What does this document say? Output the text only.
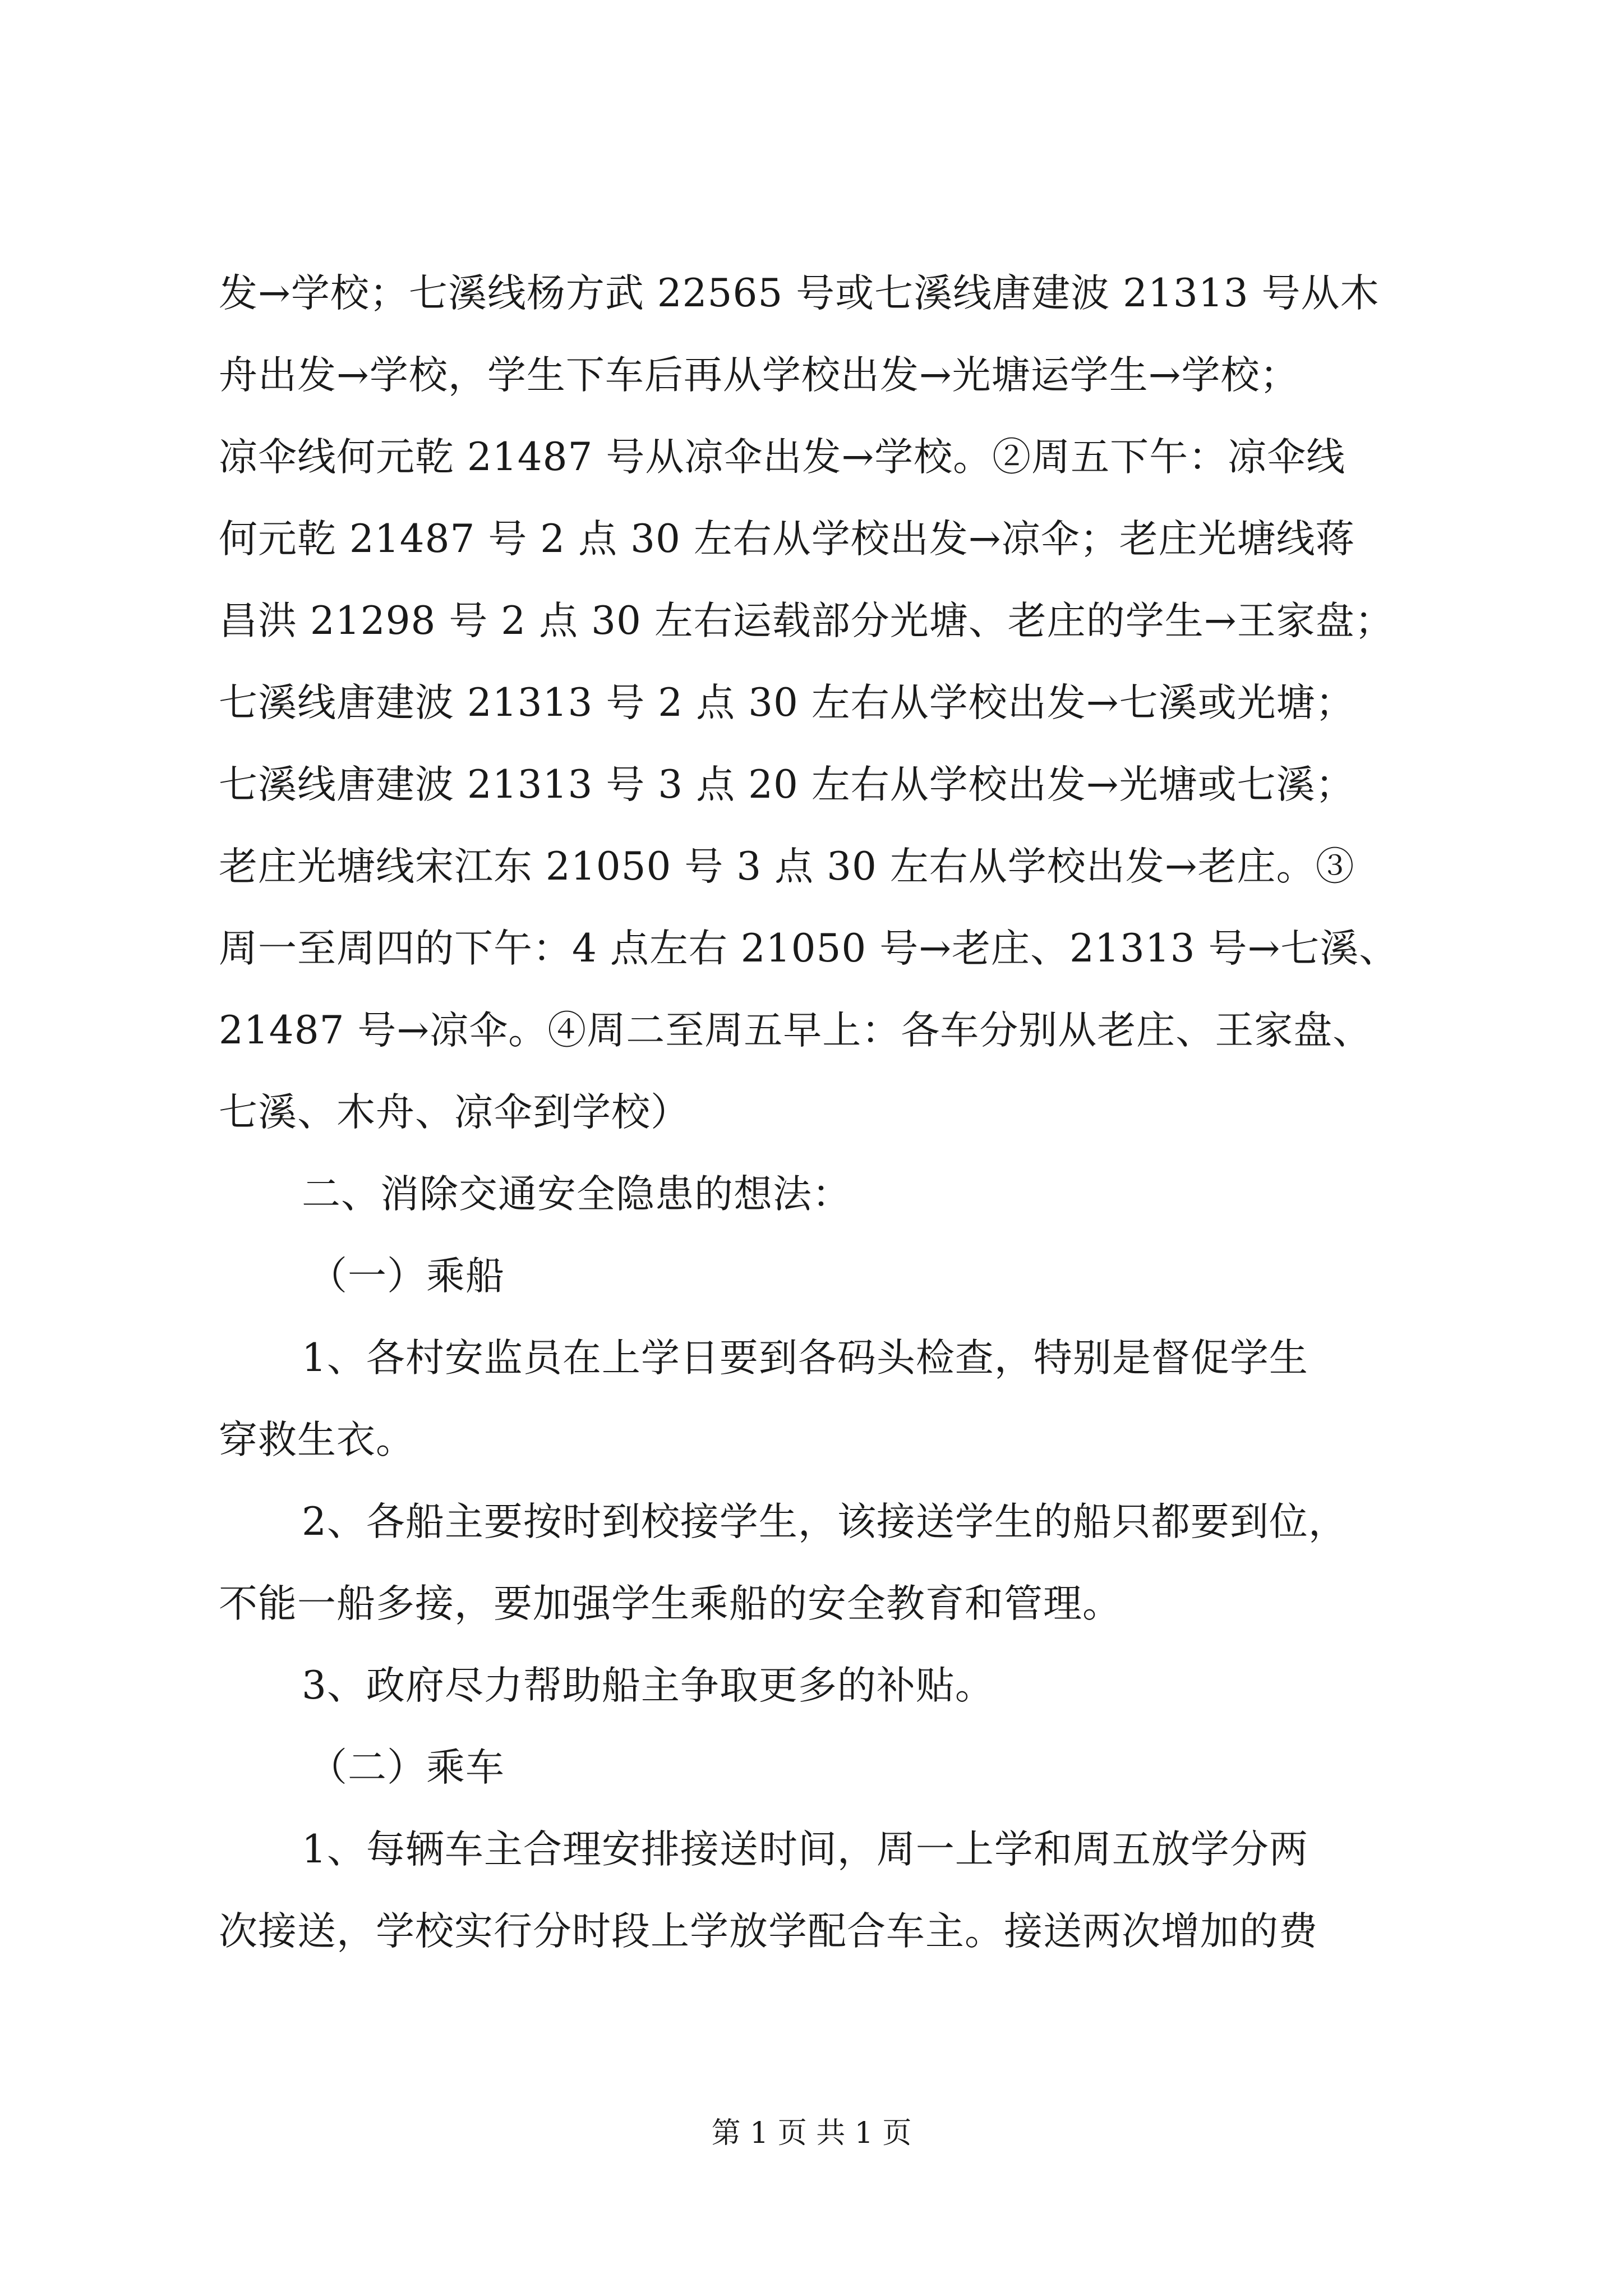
发→学校；七溪线杨方武 22565 号或七溪线唐建波 21313 号从木
舟出发→学校，学生下车后再从学校出发→光塘运学生→学校；
凉伞线何元乾 21487 号从凉伞出发→学校。②周五下午：凉伞线
何元乾 21487 号 2 点 30 左右从学校出发→凉伞；老庄光塘线蒋
昌洪 21298 号 2 点 30 左右运载部分光塘、老庄的学生→王家盘；
七溪线唐建波 21313 号 2 点 30 左右从学校出发→七溪或光塘；
七溪线唐建波 21313 号 3 点 20 左右从学校出发→光塘或七溪；
老庄光塘线宋江东 21050 号 3 点 30 左右从学校出发→老庄。③
周一至周四的下午：4 点左右 21050 号→老庄、21313 号→七溪、
21487 号→凉伞。④周二至周五早上：各车分别从老庄、王家盘、
七溪、木舟、凉伞到学校）
二、消除交通安全隐患的想法：
（一）乘船
1、各村安监员在上学日要到各码头检查，特别是督促学生
穿救生衣。
2、各船主要按时到校接学生，该接送学生的船只都要到位，
不能一船多接，要加强学生乘船的安全教育和管理。
3、政府尽力帮助船主争取更多的补贴。
（二）乘车
1、每辆车主合理安排接送时间，周一上学和周五放学分两
次接送，学校实行分时段上学放学配合车主。接送两次增加的费
第 1 页 共 1 页
